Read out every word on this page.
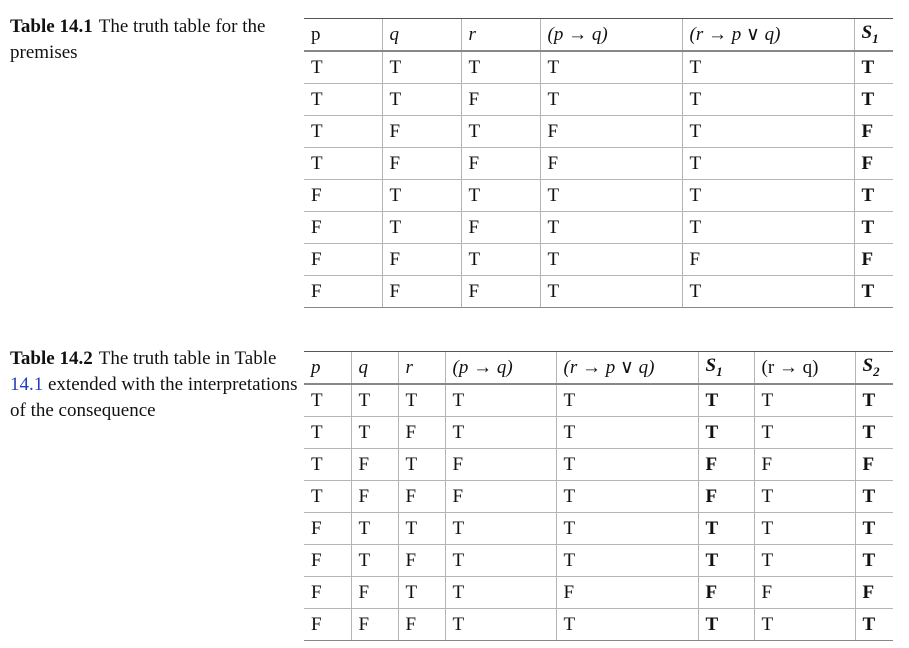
Table 14.1 The truth table for the premises
p	q	r	(p → q)	(r → p ∨ q)	$S_1$
T	T	T	T	T	T
T	T	F	T	T	T
T	F	T	F	T	F
T	F	F	F	T	F
F	T	T	T	T	T
F	T	F	T	T	T
F	F	T	T	F	F
F	F	F	T	T	T
Table 14.2 The truth table in Table 14.1 extended with the interpretations of the consequence
p	q	r	(p → q)	(r → p ∨ q)	$S_1$	(r → q)	$S_2$
T	T	T	T	T	T	T	T
T	T	F	T	T	T	T	T
T	F	T	F	T	F	F	F
T	F	F	F	T	F	T	T
F	T	T	T	T	T	T	T
F	T	F	T	T	T	T	T
F	F	T	T	F	F	F	F
F	F	F	T	T	T	T	T
